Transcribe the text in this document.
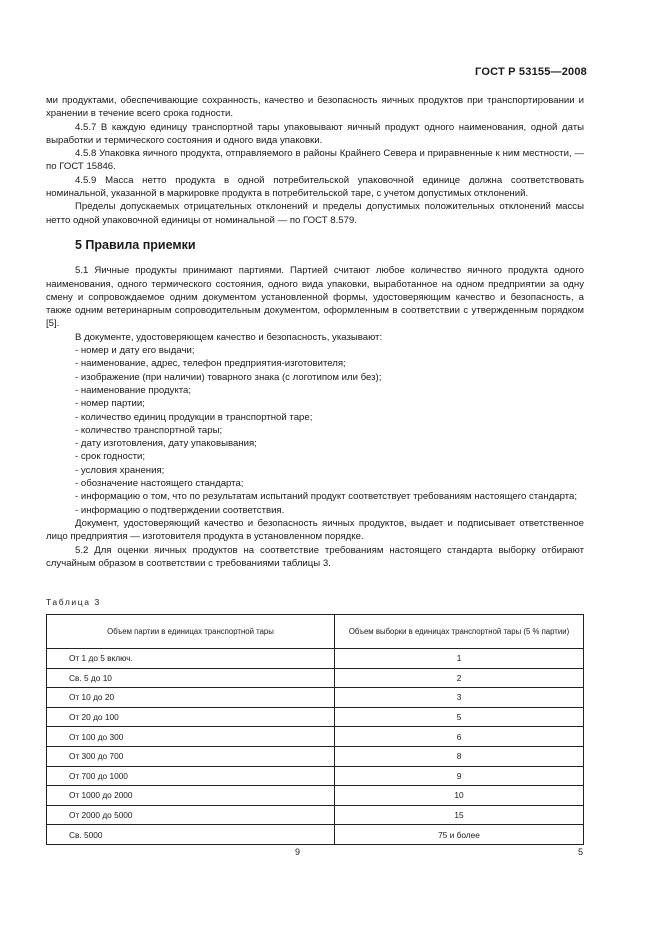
ГОСТ Р 53155—2008

ми продуктами, обеспечивающие сохранность, качество и безопасность яичных продуктов при транспортировании и хранении в течение всего срока годности.

4.5.7 В каждую единицу транспортной тары упаковывают яичный продукт одного наименования, одной даты выработки и термического состояния и одного вида упаковки.

4.5.8 Упаковка яичного продукта, отправляемого в районы Крайнего Севера и приравненные к ним местности, — по ГОСТ 15846.

4.5.9 Масса нетто продукта в одной потребительской упаковочной единице должна соответствовать номинальной, указанной в маркировке продукта в потребительской таре, с учетом допустимых отклонений.

Пределы допускаемых отрицательных отклонений и пределы допустимых положительных отклонений массы нетто одной упаковочной единицы от номинальной — по ГОСТ 8.579.

5 Правила приемки

5.1 Яичные продукты принимают партиями. Партией считают любое количество яичного продукта одного наименования, одного термического состояния, одного вида упаковки, выработанное на одном предприятии за одну смену и сопровождаемое одним документом установленной формы, удостоверяющим качество и безопасность, а также одним ветеринарным сопроводительным документом, оформленным в соответствии с утвержденным порядком [5].

В документе, удостоверяющем качество и безопасность, указывают:

- номер и дату его выдачи;

- наименование, адрес, телефон предприятия-изготовителя;

- изображение (при наличии) товарного знака (с логотипом или без);

- наименование продукта;

- номер партии;

- количество единиц продукции в транспортной таре;

- количество транспортной тары;

- дату изготовления, дату упаковывания;

- срок годности;

- условия хранения;

- обозначение настоящего стандарта;

- информацию о том, что по результатам испытаний продукт соответствует требованиям настоящего стандарта;

- информацию о подтверждении соответствия.

Документ, удостоверяющий качество и безопасность яичных продуктов, выдает и подписывает ответственное лицо предприятия — изготовителя продукта в установленном порядке.

5.2 Для оценки яичных продуктов на соответствие требованиям настоящего стандарта выборку отбирают случайным образом в соответствии с требованиями таблицы 3.

Таблица 3
Объем партии в единицах транспортной тары	Объем выборки в единицах транспортной тары (5 % партии)
От 1 до 5 включ.	1
Св. 5 до 10	2
От 10 до 20	3
От 20 до 100	5
От 100 до 300	6
От 300 до 700	8
От 700 до 1000	9
От 1000 до 2000	10
От 2000 до 5000	15
Св. 5000	75 и более
9	5
